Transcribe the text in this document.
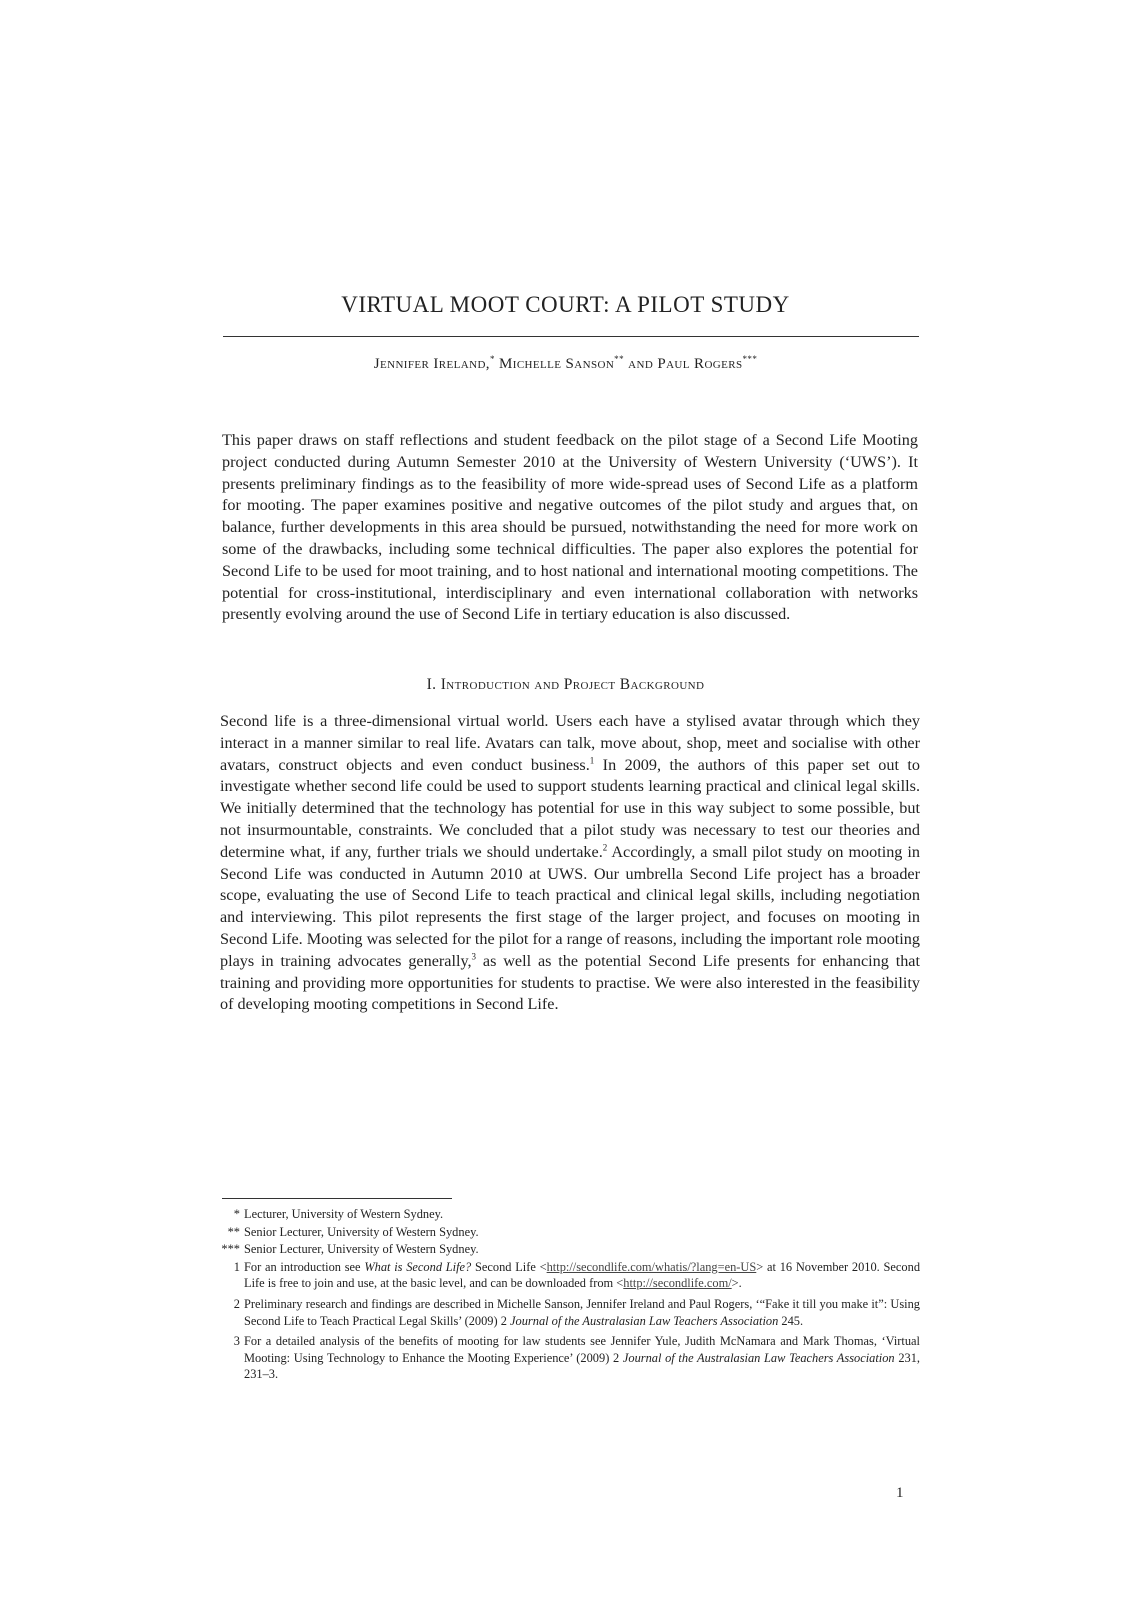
VIRTUAL MOOT COURT: A PILOT STUDY
Jennifer Ireland,* Michelle Sanson** and Paul Rogers***
This paper draws on staff reflections and student feedback on the pilot stage of a Second Life Mooting project conducted during Autumn Semester 2010 at the University of Western University (‘UWS’). It presents preliminary findings as to the feasibility of more wide-spread uses of Second Life as a platform for mooting. The paper examines positive and negative outcomes of the pilot study and argues that, on balance, further developments in this area should be pursued, notwithstanding the need for more work on some of the drawbacks, including some technical difficulties. The paper also explores the potential for Second Life to be used for moot training, and to host national and international mooting competitions. The potential for cross-institutional, interdisciplinary and even international collaboration with networks presently evolving around the use of Second Life in tertiary education is also discussed.
I. Introduction and Project Background
Second life is a three-dimensional virtual world. Users each have a stylised avatar through which they interact in a manner similar to real life. Avatars can talk, move about, shop, meet and socialise with other avatars, construct objects and even conduct business.$^1$ In 2009, the authors of this paper set out to investigate whether second life could be used to support students learning practical and clinical legal skills. We initially determined that the technology has potential for use in this way subject to some possible, but not insurmountable, constraints. We concluded that a pilot study was necessary to test our theories and determine what, if any, further trials we should undertake.$^2$ Accordingly, a small pilot study on mooting in Second Life was conducted in Autumn 2010 at UWS. Our umbrella Second Life project has a broader scope, evaluating the use of Second Life to teach practical and clinical legal skills, including negotiation and interviewing. This pilot represents the first stage of the larger project, and focuses on mooting in Second Life. Mooting was selected for the pilot for a range of reasons, including the important role mooting plays in training advocates generally,$^3$ as well as the potential Second Life presents for enhancing that training and providing more opportunities for students to practise. We were also interested in the feasibility of developing mooting competitions in Second Life.
* Lecturer, University of Western Sydney.
** Senior Lecturer, University of Western Sydney.
*** Senior Lecturer, University of Western Sydney.
1 For an introduction see What is Second Life? Second Life <http://secondlife.com/whatis/?lang=en-US> at 16 November 2010. Second Life is free to join and use, at the basic level, and can be downloaded from <http://secondlife.com/>.
2 Preliminary research and findings are described in Michelle Sanson, Jennifer Ireland and Paul Rogers, ‘“Fake it till you make it”: Using Second Life to Teach Practical Legal Skills’ (2009) 2 Journal of the Australasian Law Teachers Association 245.
3 For a detailed analysis of the benefits of mooting for law students see Jennifer Yule, Judith McNamara and Mark Thomas, ‘Virtual Mooting: Using Technology to Enhance the Mooting Experience’ (2009) 2 Journal of the Australasian Law Teachers Association 231, 231–3.
1
